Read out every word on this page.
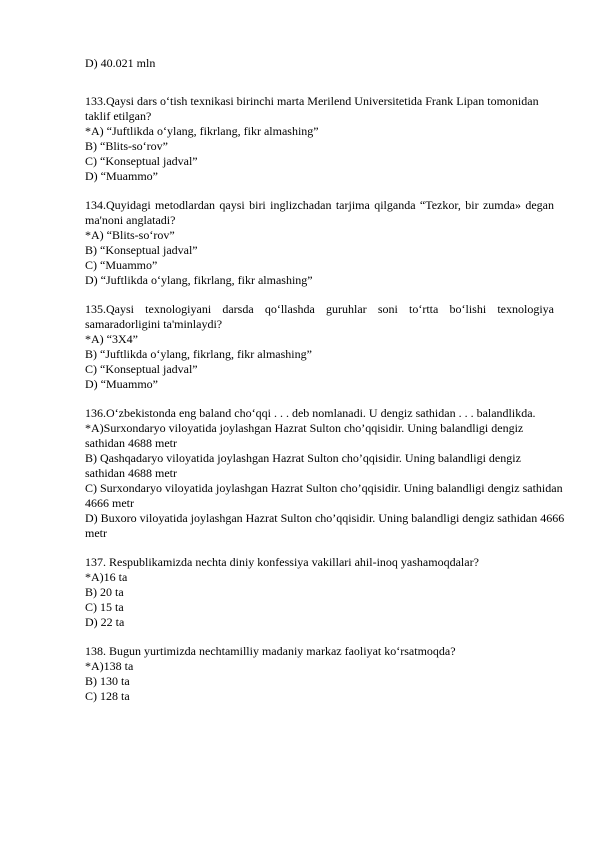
D) 40.021 mln
133.Qaysi dars o‘tish texnikasi birinchi marta Merilend Universitetida Frank Lipan tomonidan taklif etilgan?
*A) “Juftlikda o‘ylang, fikrlang, fikr almashing”
B) “Blits-so‘rov”
C) “Konseptual jadval”
D) “Muammo”
134.Quyidagi metodlardan qaysi biri inglizchadan tarjima qilganda “Tezkor, bir zumda» degan ma'noni anglatadi?
*A) “Blits-so‘rov”
B) “Konseptual jadval”
C) “Muammo”
D) “Juftlikda o‘ylang, fikrlang, fikr almashing”
135.Qaysi texnologiyani darsda qo‘llashda guruhlar soni to‘rtta bo‘lishi texnologiya samaradorligini ta'minlaydi?
*A) “3X4”
B) “Juftlikda o‘ylang, fikrlang, fikr almashing”
C) “Konseptual jadval”
D) “Muammo”
136.O‘zbekistonda eng baland cho‘qqi . . . deb nomlanadi. U dengiz sathidan . . . balandlikda.
*A)Surxondaryo viloyatida joylashgan Hazrat Sulton cho’qqisidir. Uning balandligi dengiz sathidan 4688 metr
B) Qashqadaryo viloyatida joylashgan Hazrat Sulton cho’qqisidir. Uning balandligi dengiz sathidan 4688 metr
C) Surxondaryo viloyatida joylashgan Hazrat Sulton cho’qqisidir. Uning balandligi dengiz sathidan 4666 metr
D) Buxoro viloyatida joylashgan Hazrat Sulton cho’qqisidir. Uning balandligi dengiz sathidan 4666 metr
137. Respublikamizda nechta diniy konfessiya vakillari ahil-inoq yashamoqdalar?
*A)16 ta
B) 20 ta
C) 15 ta
D) 22 ta
138. Bugun yurtimizda nechtamilliy madaniy markaz faoliyat ko‘rsatmoqda?
*A)138 ta
B) 130 ta
C) 128 ta
